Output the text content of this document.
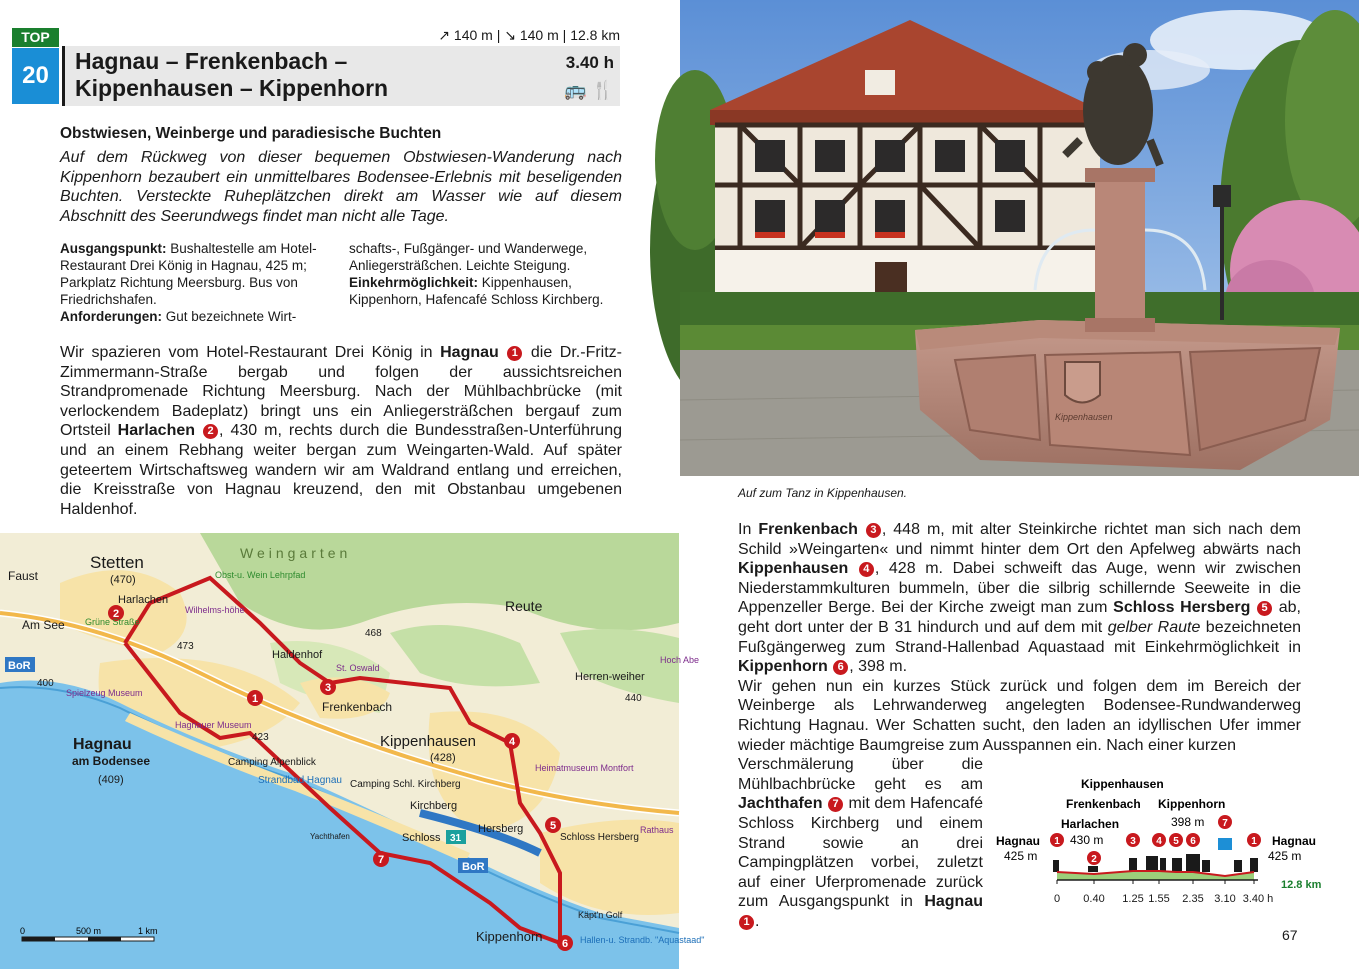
TOP
20
↗ 140 m | ↘ 140 m | 12.8 km
Hagnau – Frenkenbach –
Kippenhausen – Kippenhorn
3.40 h
🚌 🍴
Obstwiesen, Weinberge und paradiesische Buchten
Auf dem Rückweg von dieser bequemen Obstwiesen-Wanderung nach Kippenhorn bezaubert ein unmittelbares Bodensee-Erlebnis mit beseligenden Buchten. Versteckte Ruheplätzchen direkt am Wasser wie auf diesem Abschnitt des Seerundwegs findet man nicht alle Tage.
Ausgangspunkt: Bushaltestelle am Hotel-Restaurant Drei König in Hagnau, 425 m; Parkplatz Richtung Meersburg. Bus von Friedrichshafen.
Anforderungen: Gut bezeichnete Wirt-
schafts-, Fußgänger- und Wanderwege, Anliegersträßchen. Leichte Steigung.
Einkehrmöglichkeit: Kippenhausen, Kippenhorn, Hafencafé Schloss Kirchberg.
Wir spazieren vom Hotel-Restaurant Drei König in Hagnau 1 die Dr.-Fritz-Zimmermann-Straße bergab und folgen der aussichtsreichen Strandpromenade Richtung Meersburg. Nach der Mühlbachbrücke (mit verlockendem Badeplatz) bringt uns ein Anliegersträßchen bergauf zum Ortsteil Harlachen 2 , 430 m, rechts durch die Bundesstraßen-Unterführung und an einem Rebhang weiter bergan zum Weingarten-Wald. Auf später geteertem Wirtschaftsweg wandern wir am Waldrand entlang und erreichen, die Kreisstraße von Hagnau kreuzend, den mit Obstanbau umgebenen Haldenhof.
Kippenhausen
Auf zum Tanz in Kippenhausen.

In Frenkenbach 3 , 448 m, mit alter Steinkirche richtet man sich nach dem Schild »Weingarten« und nimmt hinter dem Ort den Apfelweg abwärts nach Kippenhausen 4 , 428 m. Dabei schweift das Auge, wenn wir zwischen Niederstammkulturen bummeln, über die silbrig schillernde Seeweite in die Appenzeller Berge. Bei der Kirche zweigt man zum Schloss Hersberg 5 ab, geht dort unter der B 31 hindurch und auf dem mit gelber Raute bezeichneten Fußgängerweg zum Strand-Hallenbad Aquastaad mit Einkehrmöglichkeit in Kippenhorn 6 , 398 m.

Wir gehen nun ein kurzes Stück zurück und folgen dem im Bereich der Weinberge als Lehrwanderweg angelegten Bodensee-Rundwanderweg Richtung Hagnau. Wer Schatten sucht, den laden an idyllischen Ufer immer wieder mächtige Baumgreise zum Ausspannen ein. Nach einer kurzen

Verschmälerung über die Mühlbachbrücke geht es am Jachthafen 7 mit dem Hafencafé Schloss Kirchberg und einem Strand sowie an drei Campingplätzen vorbei, zuletzt auf einer Uferpromenade zurück zum Ausgangspunkt in Hagnau 1 .

1
2
3
4
5
6
7
Stetten
(470)
Weingarten
Faust
Harlachen
Am See Grüne Straße
Wilhelms-höhe
Obst-u. Wein Lehrpfad
468
Reute
Haldenhof
St. Oswald
473
400
BoR
Spielzeug Museum
Frenkenbach
Herren-weiher
440
Hagnauer Museum
423	Kippenhausen
(428)
Hagnau
am Bodensee
(409)
Camping Alpenblick
Strandbad Hagnau Camping Schl. Kirchberg
Kirchberg
Heimatmuseum Montfort
Yachthafen	Schloss
Hersberg
Schloss Hersberg
Rathaus
31
BoR
Kippenhorn	Hallen-u. Strandb. "Aquastaad"
Käpt'n Golf
Hoch Abe
0	500 m	1 km
Kippenhausen
Frenkenbach Kippenhorn
Harlachen	398 m
430 m
Hagnau
425 m
Hagnau
425 m
1
2
3 4 5 6
7
1
12.8 km
0 0.40 1.25 1.55 2.35 3.10 3.40 h
67
